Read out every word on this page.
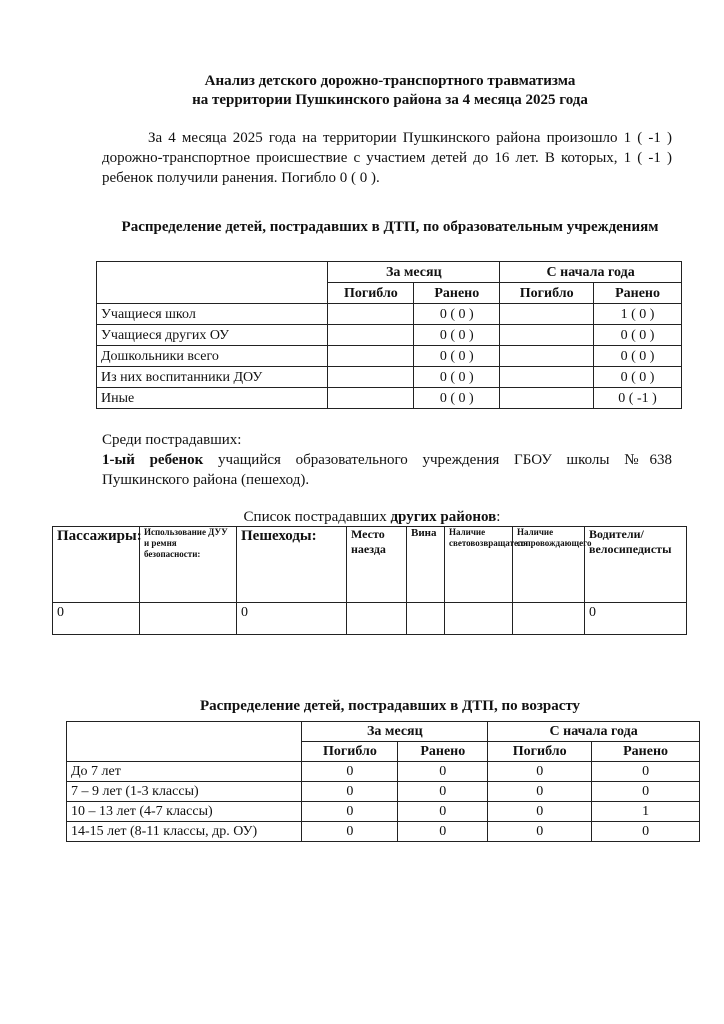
Анализ детского дорожно-транспортного травматизма
на территории Пушкинского района за 4 месяца 2025 года

За 4 месяца 2025 года на территории Пушкинского района произошло 1 ( -1 ) дорожно-транспортное происшествие с участием детей до 16 лет. В которых, 1 ( -1 ) ребенок получили ранения. Погибло 0 ( 0 ).

Распределение детей, пострадавших в ДТП, по образовательным учреждениям
	За месяц		С начала года	
	Погибло	Ранено	Погибло	Ранено
Учащиеся школ		0 ( 0 )		1 ( 0 )
Учащиеся других ОУ		0 ( 0 )		0 ( 0 )
Дошкольники всего		0 ( 0 )		0 ( 0 )
Из них воспитанники ДОУ		0 ( 0 )		0 ( 0 )
Иные		0 ( 0 )		0 ( -1 )

Среди пострадавших:

1-ый ребенок учащийся образовательного учреждения ГБОУ школы №638 Пушкинского района (пешеход).

Список пострадавших других районов:
Пассажиры:	Использование ДУУ и ремня безопасности:	Пешеходы:	Место наезда	Вина	Наличие световозвращателя	Наличие сопровождающего	Водители/велосипедисты
0		0					0
Распределение детей, пострадавших в ДТП, по возрасту
	За месяц		С начала года	
	Погибло	Ранено	Погибло	Ранено
До 7 лет	0	0	0	0
7 – 9 лет (1-3 классы)	0	0	0	0
10 – 13 лет (4-7 классы)	0	0	0	1
14-15 лет (8-11 классы, др. ОУ)	0	0	0	0
